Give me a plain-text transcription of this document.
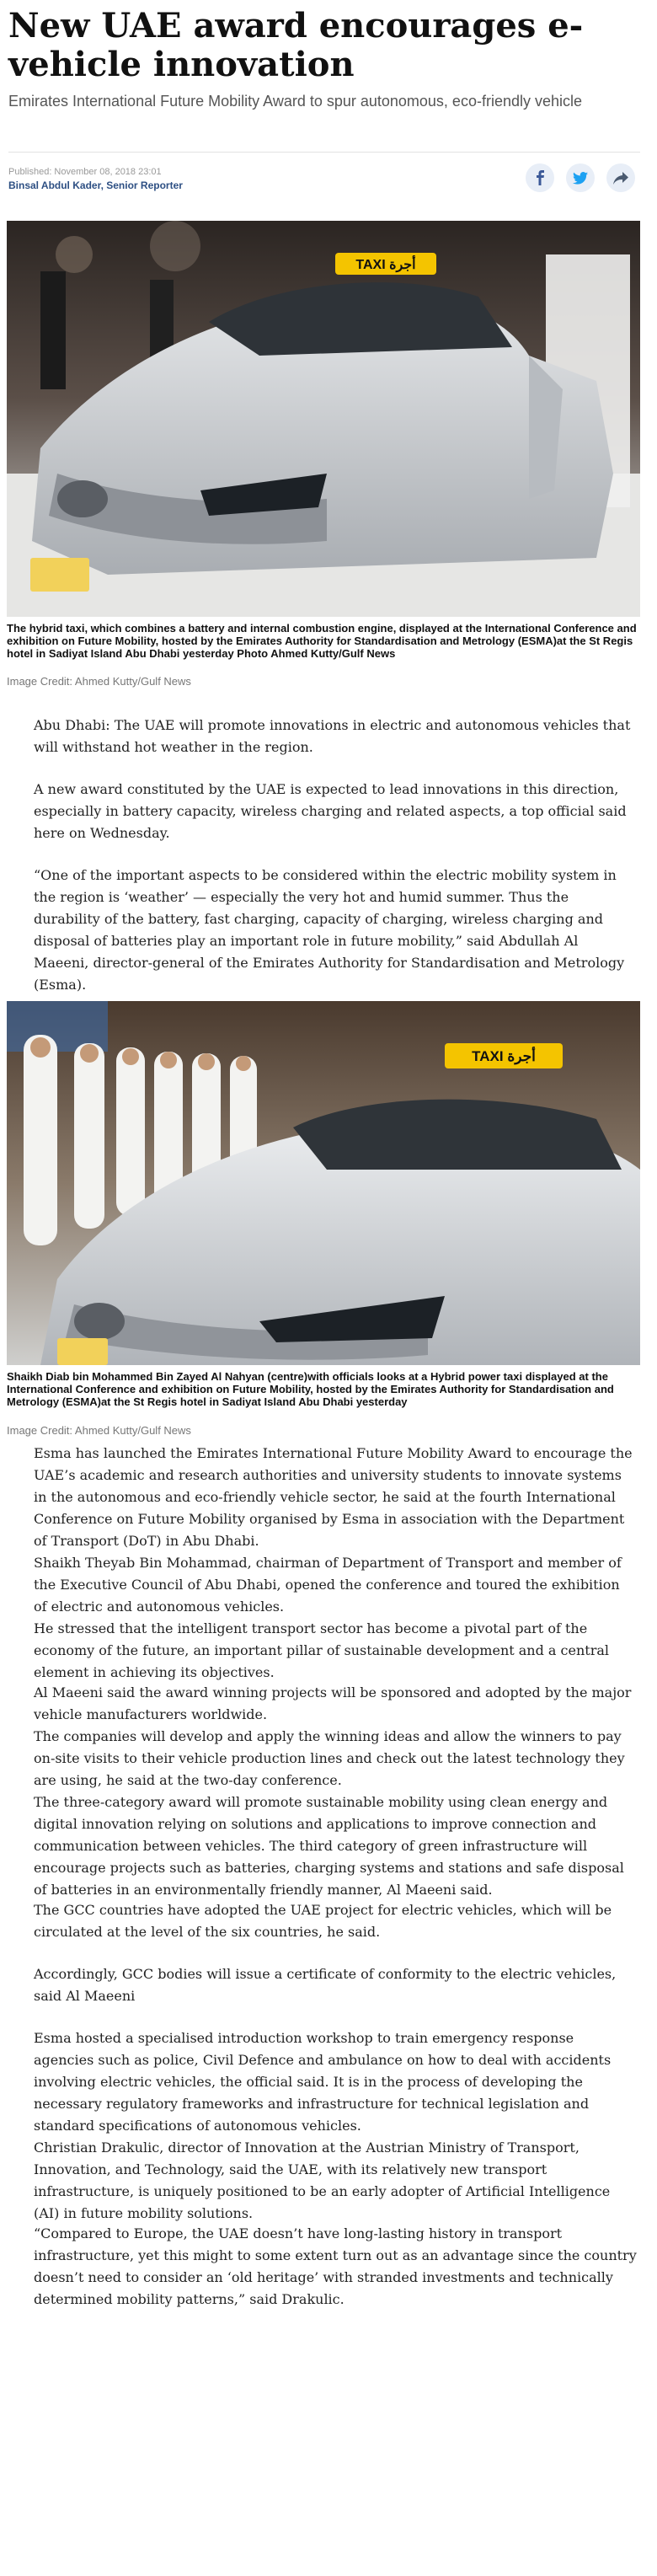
New UAE award encourages e-vehicle innovation

Emirates International Future Mobility Award to spur autonomous, eco-friendly vehicle

Published: November 08, 2018 23:01
Binsal Abdul Kader, Senior Reporter
TAXI أجرة

The hybrid taxi, which combines a battery and internal combustion engine, displayed at the International Conference and exhibition on Future Mobility, hosted by the Emirates Authority for Standardisation and Metrology (ESMA)at the St Regis hotel in Sadiyat Island Abu Dhabi yesterday Photo Ahmed Kutty/Gulf News

Image Credit: Ahmed Kutty/Gulf News

Abu Dhabi: The UAE will promote innovations in electric and autonomous vehicles that will withstand hot weather in the region.

A new award constituted by the UAE is expected to lead innovations in this direction, especially in battery capacity, wireless charging and related aspects, a top official said here on Wednesday.

“One of the important aspects to be considered within the electric mobility system in the region is ‘weather’ — especially the very hot and humid summer. Thus the durability of the battery, fast charging, capacity of charging, wireless charging and disposal of batteries play an important role in future mobility,” said Abdullah Al Maeeni, director-general of the Emirates Authority for Standardisation and Metrology (Esma).

TAXI أجرة

Shaikh Diab bin Mohammed Bin Zayed Al Nahyan (centre)with officials looks at a Hybrid power taxi displayed at the International Conference and exhibition on Future Mobility, hosted by the Emirates Authority for Standardisation and Metrology (ESMA)at the St Regis hotel in Sadiyat Island Abu Dhabi yesterday

Image Credit: Ahmed Kutty/Gulf News

Esma has launched the Emirates International Future Mobility Award to encourage the UAE’s academic and research authorities and university students to innovate systems in the autonomous and eco-friendly vehicle sector, he said at the fourth International Conference on Future Mobility organised by Esma in association with the Department of Transport (DoT) in Abu Dhabi.

Shaikh Theyab Bin Mohammad, chairman of Department of Transport and member of the Executive Council of Abu Dhabi, opened the conference and toured the exhibition of electric and autonomous vehicles.
He stressed that the intelligent transport sector has become a pivotal part of the economy of the future, an important pillar of sustainable development and a central element in achieving its objectives.

Al Maeeni said the award winning projects will be sponsored and adopted by the major vehicle manufacturers worldwide.
The companies will develop and apply the winning ideas and allow the winners to pay on-site visits to their vehicle production lines and check out the latest technology they are using, he said at the two-day conference.

The three-category award will promote sustainable mobility using clean energy and digital innovation relying on solutions and applications to improve connection and communication between vehicles. The third category of green infrastructure will encourage projects such as batteries, charging systems and stations and safe disposal of batteries in an environmentally friendly manner, Al Maeeni said.

The GCC countries have adopted the UAE project for electric vehicles, which will be circulated at the level of the six countries, he said.

Accordingly, GCC bodies will issue a certificate of conformity to the electric vehicles, said Al Maeeni

Esma hosted a specialised introduction workshop to train emergency response agencies such as police, Civil Defence and ambulance on how to deal with accidents involving electric vehicles, the official said. It is in the process of developing the necessary regulatory frameworks and infrastructure for technical legislation and standard specifications of autonomous vehicles.

Christian Drakulic, director of Innovation at the Austrian Ministry of Transport, Innovation, and Technology, said the UAE, with its relatively new transport infrastructure, is uniquely positioned to be an early adopter of Artificial Intelligence (AI) in future mobility solutions.

“Compared to Europe, the UAE doesn’t have long-lasting history in transport infrastructure, yet this might to some extent turn out as an advantage since the country doesn’t need to consider an ‘old heritage’ with stranded investments and technically determined mobility patterns,” said Drakulic.
